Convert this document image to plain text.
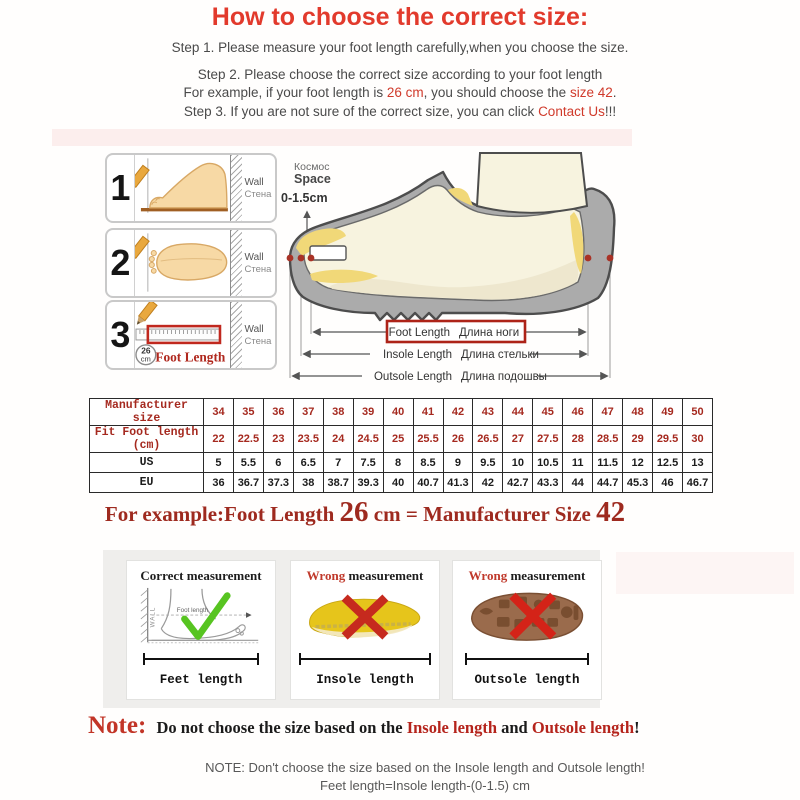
How to choose the correct size:
Step 1. Please measure your foot length carefully,when you choose the size.
Step 2. Please choose the correct size according to your foot length
For example, if your foot length is 26 cm, you should choose the size 42.
Step 3. If you are not sure of the correct size, you can click Contact Us!!!
1	Wall
Стена
2	Wall
Стена
3	26
cm Foot Length
Wall
Стена
Космос
Space
0-1.5cm
Foot Length Длина ноги
Insole Length Длина стельки
Outsole Length Длина подошвы
Manufacturer size	34	35	36	37	38	39	40	41	42	43	44	45	46	47	48	49	50
Fit Foot length (cm)	22	22.5	23	23.5	24	24.5	25	25.5	26	26.5	27	27.5	28	28.5	29	29.5	30
US	5	5.5	6	6.5	7	7.5	8	8.5	9	9.5	10	10.5	11	11.5	12	12.5	13
EU	36	36.7	37.3	38	38.7	39.3	40	40.7	41.3	42	42.7	43.3	44	44.7	45.3	46	46.7
For example:Foot Length 26 cm = Manufacturer Size 42
Correct measurement
WALL	Foot length
Feet length
Wrong measurement
Insole length
Wrong measurement
Outsole length
Note: Do not choose the size based on the Insole length and Outsole length!
NOTE: Don't choose the size based on the Insole length and Outsole length!
Feet length=Insole length-(0-1.5) cm
